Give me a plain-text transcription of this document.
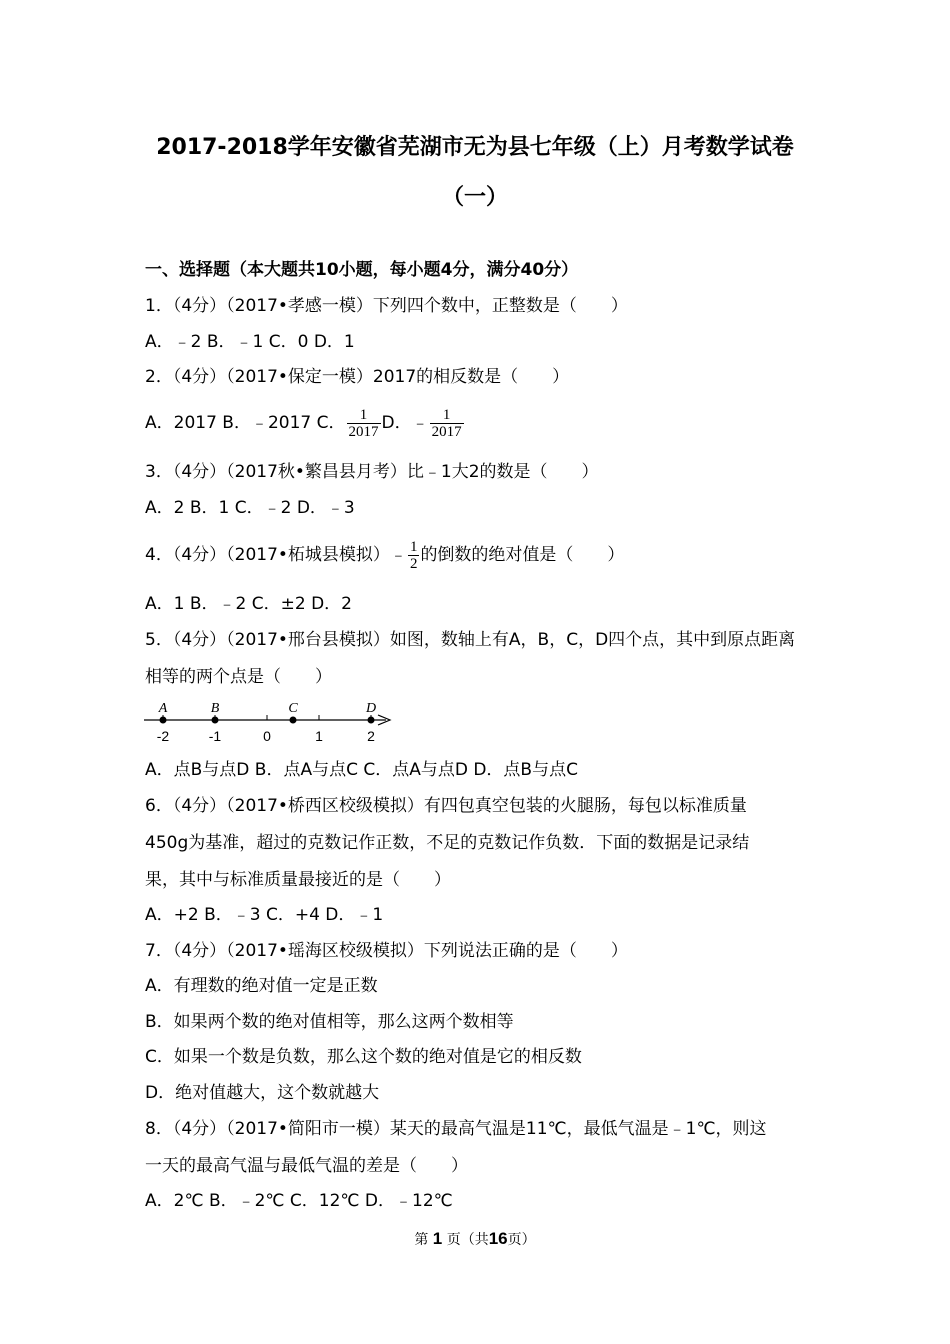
2017-2018学年安徽省芜湖市无为县七年级（上）月考数学试卷
（一）
一、选择题（本大题共10小题，每小题4分，满分40分）
1．（4分）（2017•孝感一模）下列四个数中，正整数是（　　）
A．﹣2 B．﹣1 C．0 D．1
2．（4分）（2017•保定一模）2017的相反数是（　　）
A．2017 B．﹣2017 C． $\frac{1}{2017}$ D．﹣ $\frac{1}{2017}$
3．（4分）（2017秋•繁昌县月考）比﹣1大2的数是（　　）
A．2 B．1 C．﹣2 D．﹣3
4．（4分）（2017•柘城县模拟）﹣ $\frac{1}{2}$ 的倒数的绝对值是（　　）
A．1 B．﹣2 C．±2 D．2
5．（4分）（2017•邢台县模拟）如图，数轴上有A，B，C，D四个点，其中到原点距离
相等的两个点是（　　）
-2	-1	0	1	2
A	B	C	D
A．点B与点D B．点A与点C C．点A与点D D．点B与点C
6．（4分）（2017•桥西区校级模拟）有四包真空包装的火腿肠，每包以标准质量
450g为基准，超过的克数记作正数，不足的克数记作负数．下面的数据是记录结
果，其中与标准质量最接近的是（　　）
A．+2 B．﹣3 C．+4 D．﹣1
7．（4分）（2017•瑶海区校级模拟）下列说法正确的是（　　）
A．有理数的绝对值一定是正数
B．如果两个数的绝对值相等，那么这两个数相等
C．如果一个数是负数，那么这个数的绝对值是它的相反数
D．绝对值越大，这个数就越大
8．（4分）（2017•简阳市一模）某天的最高气温是11℃，最低气温是﹣1℃，则这
一天的最高气温与最低气温的差是（　　）
A．2℃ B．﹣2℃ C．12℃ D．﹣12℃
第 1 页（共16页）
